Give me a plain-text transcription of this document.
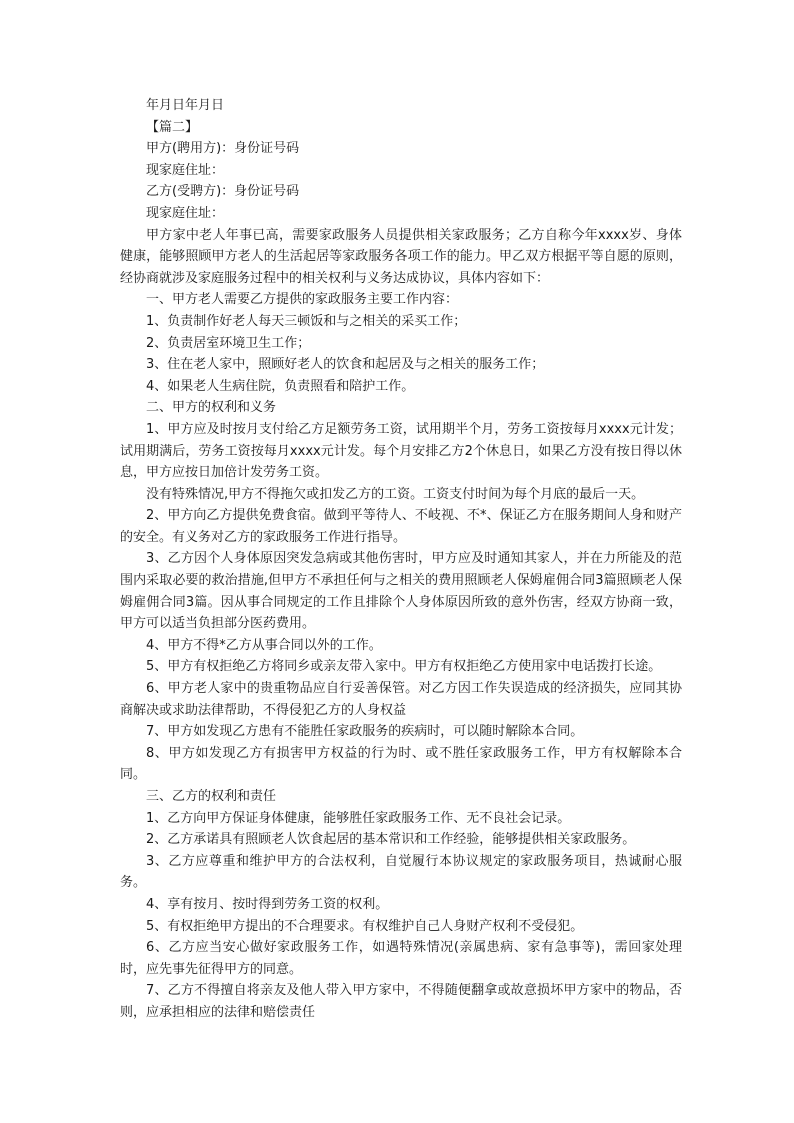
年月日年月日

【篇二】

甲方(聘用方)：身份证号码

现家庭住址：

乙方(受聘方)：身份证号码

现家庭住址：

甲方家中老人年事已高，需要家政服务人员提供相关家政服务；乙方自称今年xxxx岁、身体健康，能够照顾甲方老人的生活起居等家政服务各项工作的能力。甲乙双方根据平等自愿的原则，经协商就涉及家庭服务过程中的相关权利与义务达成协议，具体内容如下：

一、甲方老人需要乙方提供的家政服务主要工作内容：

1、负责制作好老人每天三顿饭和与之相关的采买工作；

2、负责居室环境卫生工作；

3、住在老人家中，照顾好老人的饮食和起居及与之相关的服务工作；

4、如果老人生病住院，负责照看和陪护工作。

二、甲方的权利和义务

1、甲方应及时按月支付给乙方足额劳务工资，试用期半个月，劳务工资按每月xxxx元计发；试用期满后，劳务工资按每月xxxx元计发。每个月安排乙方2个休息日，如果乙方没有按日得以休息，甲方应按日加倍计发劳务工资。

没有特殊情况,甲方不得拖欠或扣发乙方的工资。工资支付时间为每个月底的最后一天。

2、甲方向乙方提供免费食宿。做到平等待人、不岐视、不*、保证乙方在服务期间人身和财产的安全。有义务对乙方的家政服务工作进行指导。

3、乙方因个人身体原因突发急病或其他伤害时，甲方应及时通知其家人，并在力所能及的范围内采取必要的救治措施,但甲方不承担任何与之相关的费用照顾老人保姆雇佣合同3篇照顾老人保姆雇佣合同3篇。因从事合同规定的工作且排除个人身体原因所致的意外伤害，经双方协商一致，甲方可以适当负担部分医药费用。

4、甲方不得*乙方从事合同以外的工作。

5、甲方有权拒绝乙方将同乡或亲友带入家中。甲方有权拒绝乙方使用家中电话拨打长途。

6、甲方老人家中的贵重物品应自行妥善保管。对乙方因工作失误造成的经济损失，应同其协商解决或求助法律帮助，不得侵犯乙方的人身权益

7、甲方如发现乙方患有不能胜任家政服务的疾病时，可以随时解除本合同。

8、甲方如发现乙方有损害甲方权益的行为时、或不胜任家政服务工作，甲方有权解除本合同。

三、乙方的权利和责任

1、乙方向甲方保证身体健康，能够胜任家政服务工作、无不良社会记录。

2、乙方承诺具有照顾老人饮食起居的基本常识和工作经验，能够提供相关家政服务。

3、乙方应尊重和维护甲方的合法权利，自觉履行本协议规定的家政服务项目，热诚耐心服务。

4、享有按月、按时得到劳务工资的权利。

5、有权拒绝甲方提出的不合理要求。有权维护自己人身财产权利不受侵犯。

6、乙方应当安心做好家政服务工作，如遇特殊情况(亲属患病、家有急事等)，需回家处理时，应先事先征得甲方的同意。

7、乙方不得擅自将亲友及他人带入甲方家中，不得随便翻拿或故意损坏甲方家中的物品，否则，应承担相应的法律和赔偿责任
